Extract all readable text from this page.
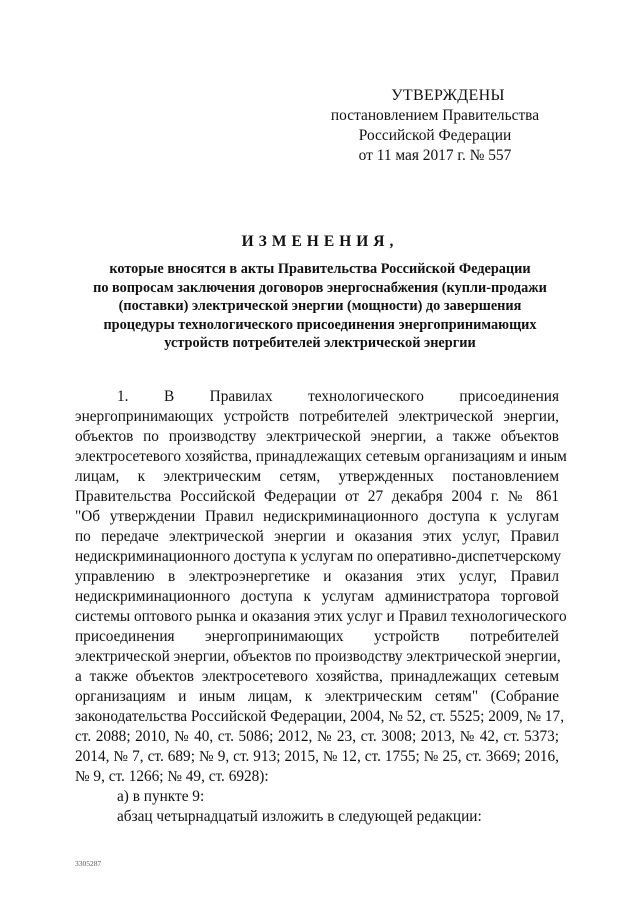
УТВЕРЖДЕНЫ
постановлением Правительства
Российской Федерации
от 11 мая 2017 г. № 557
ИЗМЕНЕНИЯ,
которые вносятся в акты Правительства Российской Федерации
по вопросам заключения договоров энергоснабжения (купли-продажи
(поставки) электрической энергии (мощности) до завершения
процедуры технологического присоединения энергопринимающих
устройств потребителей электрической энергии
1. В Правилах технологического присоединения
энергопринимающих устройств потребителей электрической энергии,
объектов по производству электрической энергии, а также объектов
электросетевого хозяйства, принадлежащих сетевым организациям и иным
лицам, к электрическим сетям, утвержденных постановлением
Правительства Российской Федерации от 27 декабря 2004 г. № 861
"Об утверждении Правил недискриминационного доступа к услугам
по передаче электрической энергии и оказания этих услуг, Правил
недискриминационного доступа к услугам по оперативно-диспетчерскому
управлению в электроэнергетике и оказания этих услуг, Правил
недискриминационного доступа к услугам администратора торговой
системы оптового рынка и оказания этих услуг и Правил технологического
присоединения энергопринимающих устройств потребителей
электрической энергии, объектов по производству электрической энергии,
а также объектов электросетевого хозяйства, принадлежащих сетевым
организациям и иным лицам, к электрическим сетям" (Собрание
законодательства Российской Федерации, 2004, № 52, ст. 5525; 2009, № 17,
ст. 2088; 2010, № 40, ст. 5086; 2012, № 23, ст. 3008; 2013, № 42, ст. 5373;
2014, № 7, ст. 689; № 9, ст. 913; 2015, № 12, ст. 1755; № 25, ст. 3669; 2016,
№ 9, ст. 1266; № 49, ст. 6928):
а) в пункте 9:
абзац четырнадцатый изложить в следующей редакции:
3305287
